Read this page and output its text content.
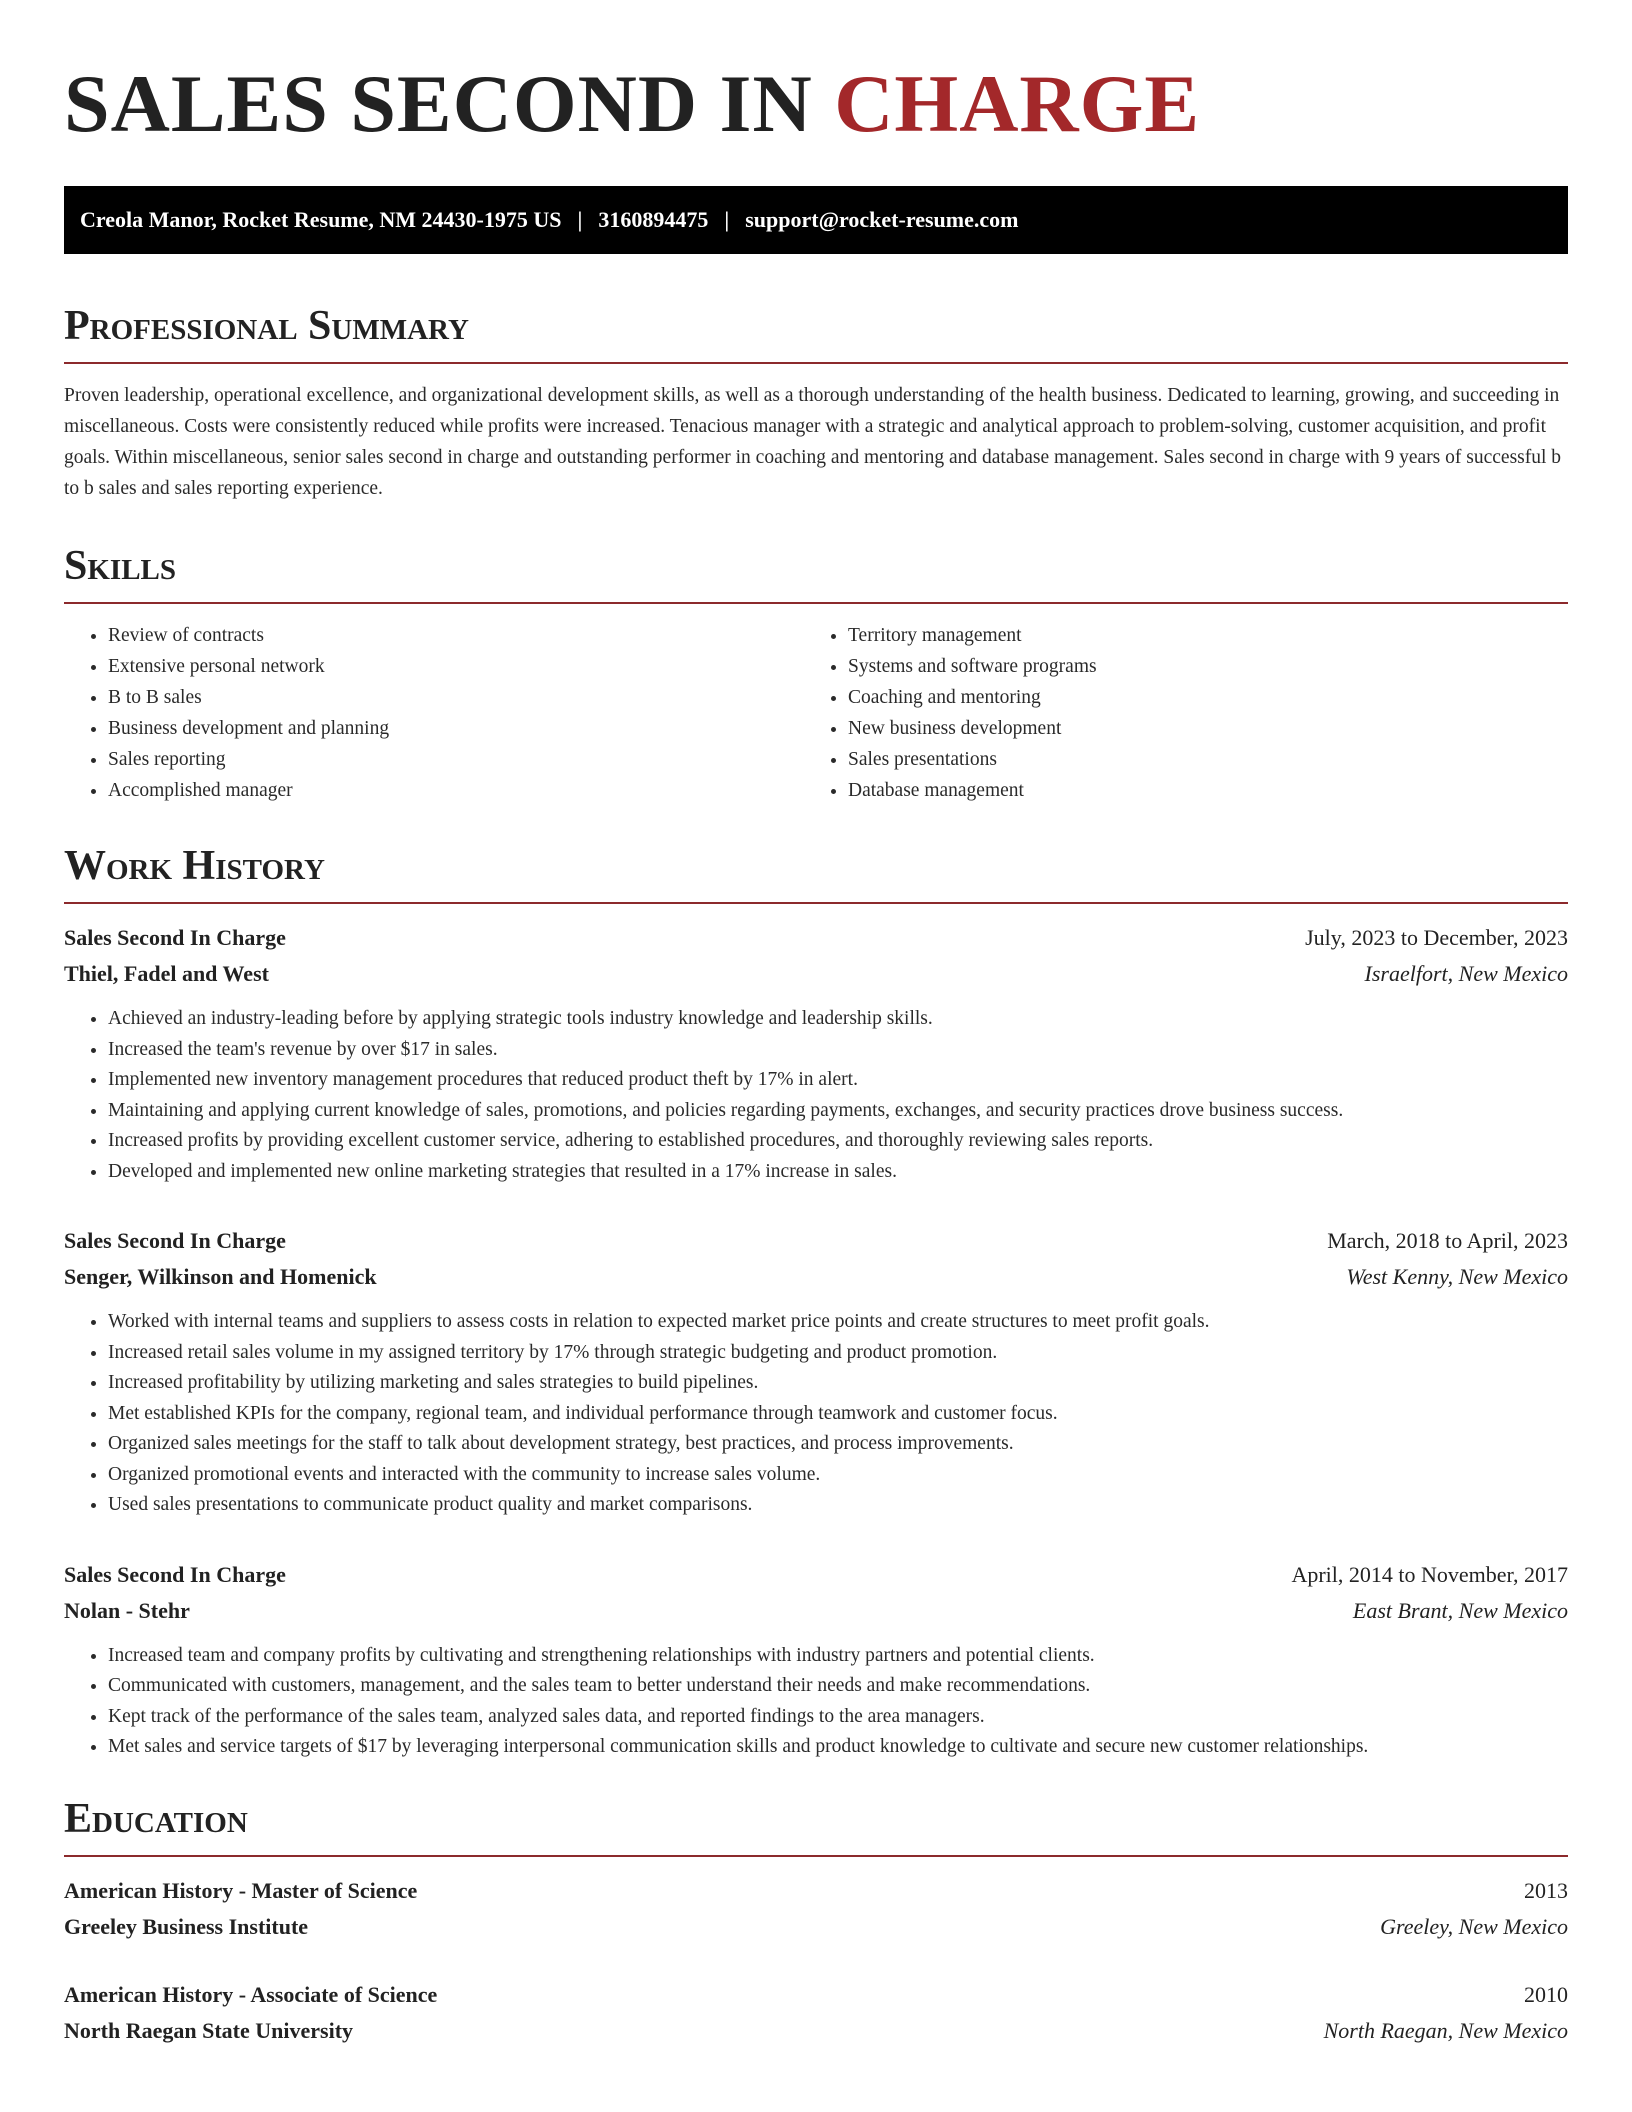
SALES SECOND IN CHARGE
Creola Manor, Rocket Resume, NM 24430-1975 US | 3160894475 | support@rocket-resume.com
Professional Summary

Proven leadership, operational excellence, and organizational development skills, as well as a thorough understanding of the health business. Dedicated to learning, growing, and succeeding in miscellaneous. Costs were consistently reduced while profits were increased. Tenacious manager with a strategic and analytical approach to problem-solving, customer acquisition, and profit goals. Within miscellaneous, senior sales second in charge and outstanding performer in coaching and mentoring and database management. Sales second in charge with 9 years of successful b to b sales and sales reporting experience.

Skills
• Review of contracts
• Extensive personal network
• B to B sales
• Business development and planning
• Sales reporting
• Accomplished manager
• Territory management
• Systems and software programs
• Coaching and mentoring
• New business development
• Sales presentations
• Database management
Work History
Sales Second In Charge	July, 2023 to December, 2023
Thiel, Fadel and West	Israelfort, New Mexico
• Achieved an industry-leading before by applying strategic tools industry knowledge and leadership skills.
• Increased the team's revenue by over $17 in sales.
• Implemented new inventory management procedures that reduced product theft by 17% in alert.
• Maintaining and applying current knowledge of sales, promotions, and policies regarding payments, exchanges, and security practices drove business success.
• Increased profits by providing excellent customer service, adhering to established procedures, and thoroughly reviewing sales reports.
• Developed and implemented new online marketing strategies that resulted in a 17% increase in sales.
Sales Second In Charge	March, 2018 to April, 2023
Senger, Wilkinson and Homenick	West Kenny, New Mexico
• Worked with internal teams and suppliers to assess costs in relation to expected market price points and create structures to meet profit goals.
• Increased retail sales volume in my assigned territory by 17% through strategic budgeting and product promotion.
• Increased profitability by utilizing marketing and sales strategies to build pipelines.
• Met established KPIs for the company, regional team, and individual performance through teamwork and customer focus.
• Organized sales meetings for the staff to talk about development strategy, best practices, and process improvements.
• Organized promotional events and interacted with the community to increase sales volume.
• Used sales presentations to communicate product quality and market comparisons.
Sales Second In Charge	April, 2014 to November, 2017
Nolan - Stehr	East Brant, New Mexico
• Increased team and company profits by cultivating and strengthening relationships with industry partners and potential clients.
• Communicated with customers, management, and the sales team to better understand their needs and make recommendations.
• Kept track of the performance of the sales team, analyzed sales data, and reported findings to the area managers.
• Met sales and service targets of $17 by leveraging interpersonal communication skills and product knowledge to cultivate and secure new customer relationships.
Education
American History - Master of Science	2013
Greeley Business Institute	Greeley, New Mexico
American History - Associate of Science	2010
North Raegan State University	North Raegan, New Mexico
